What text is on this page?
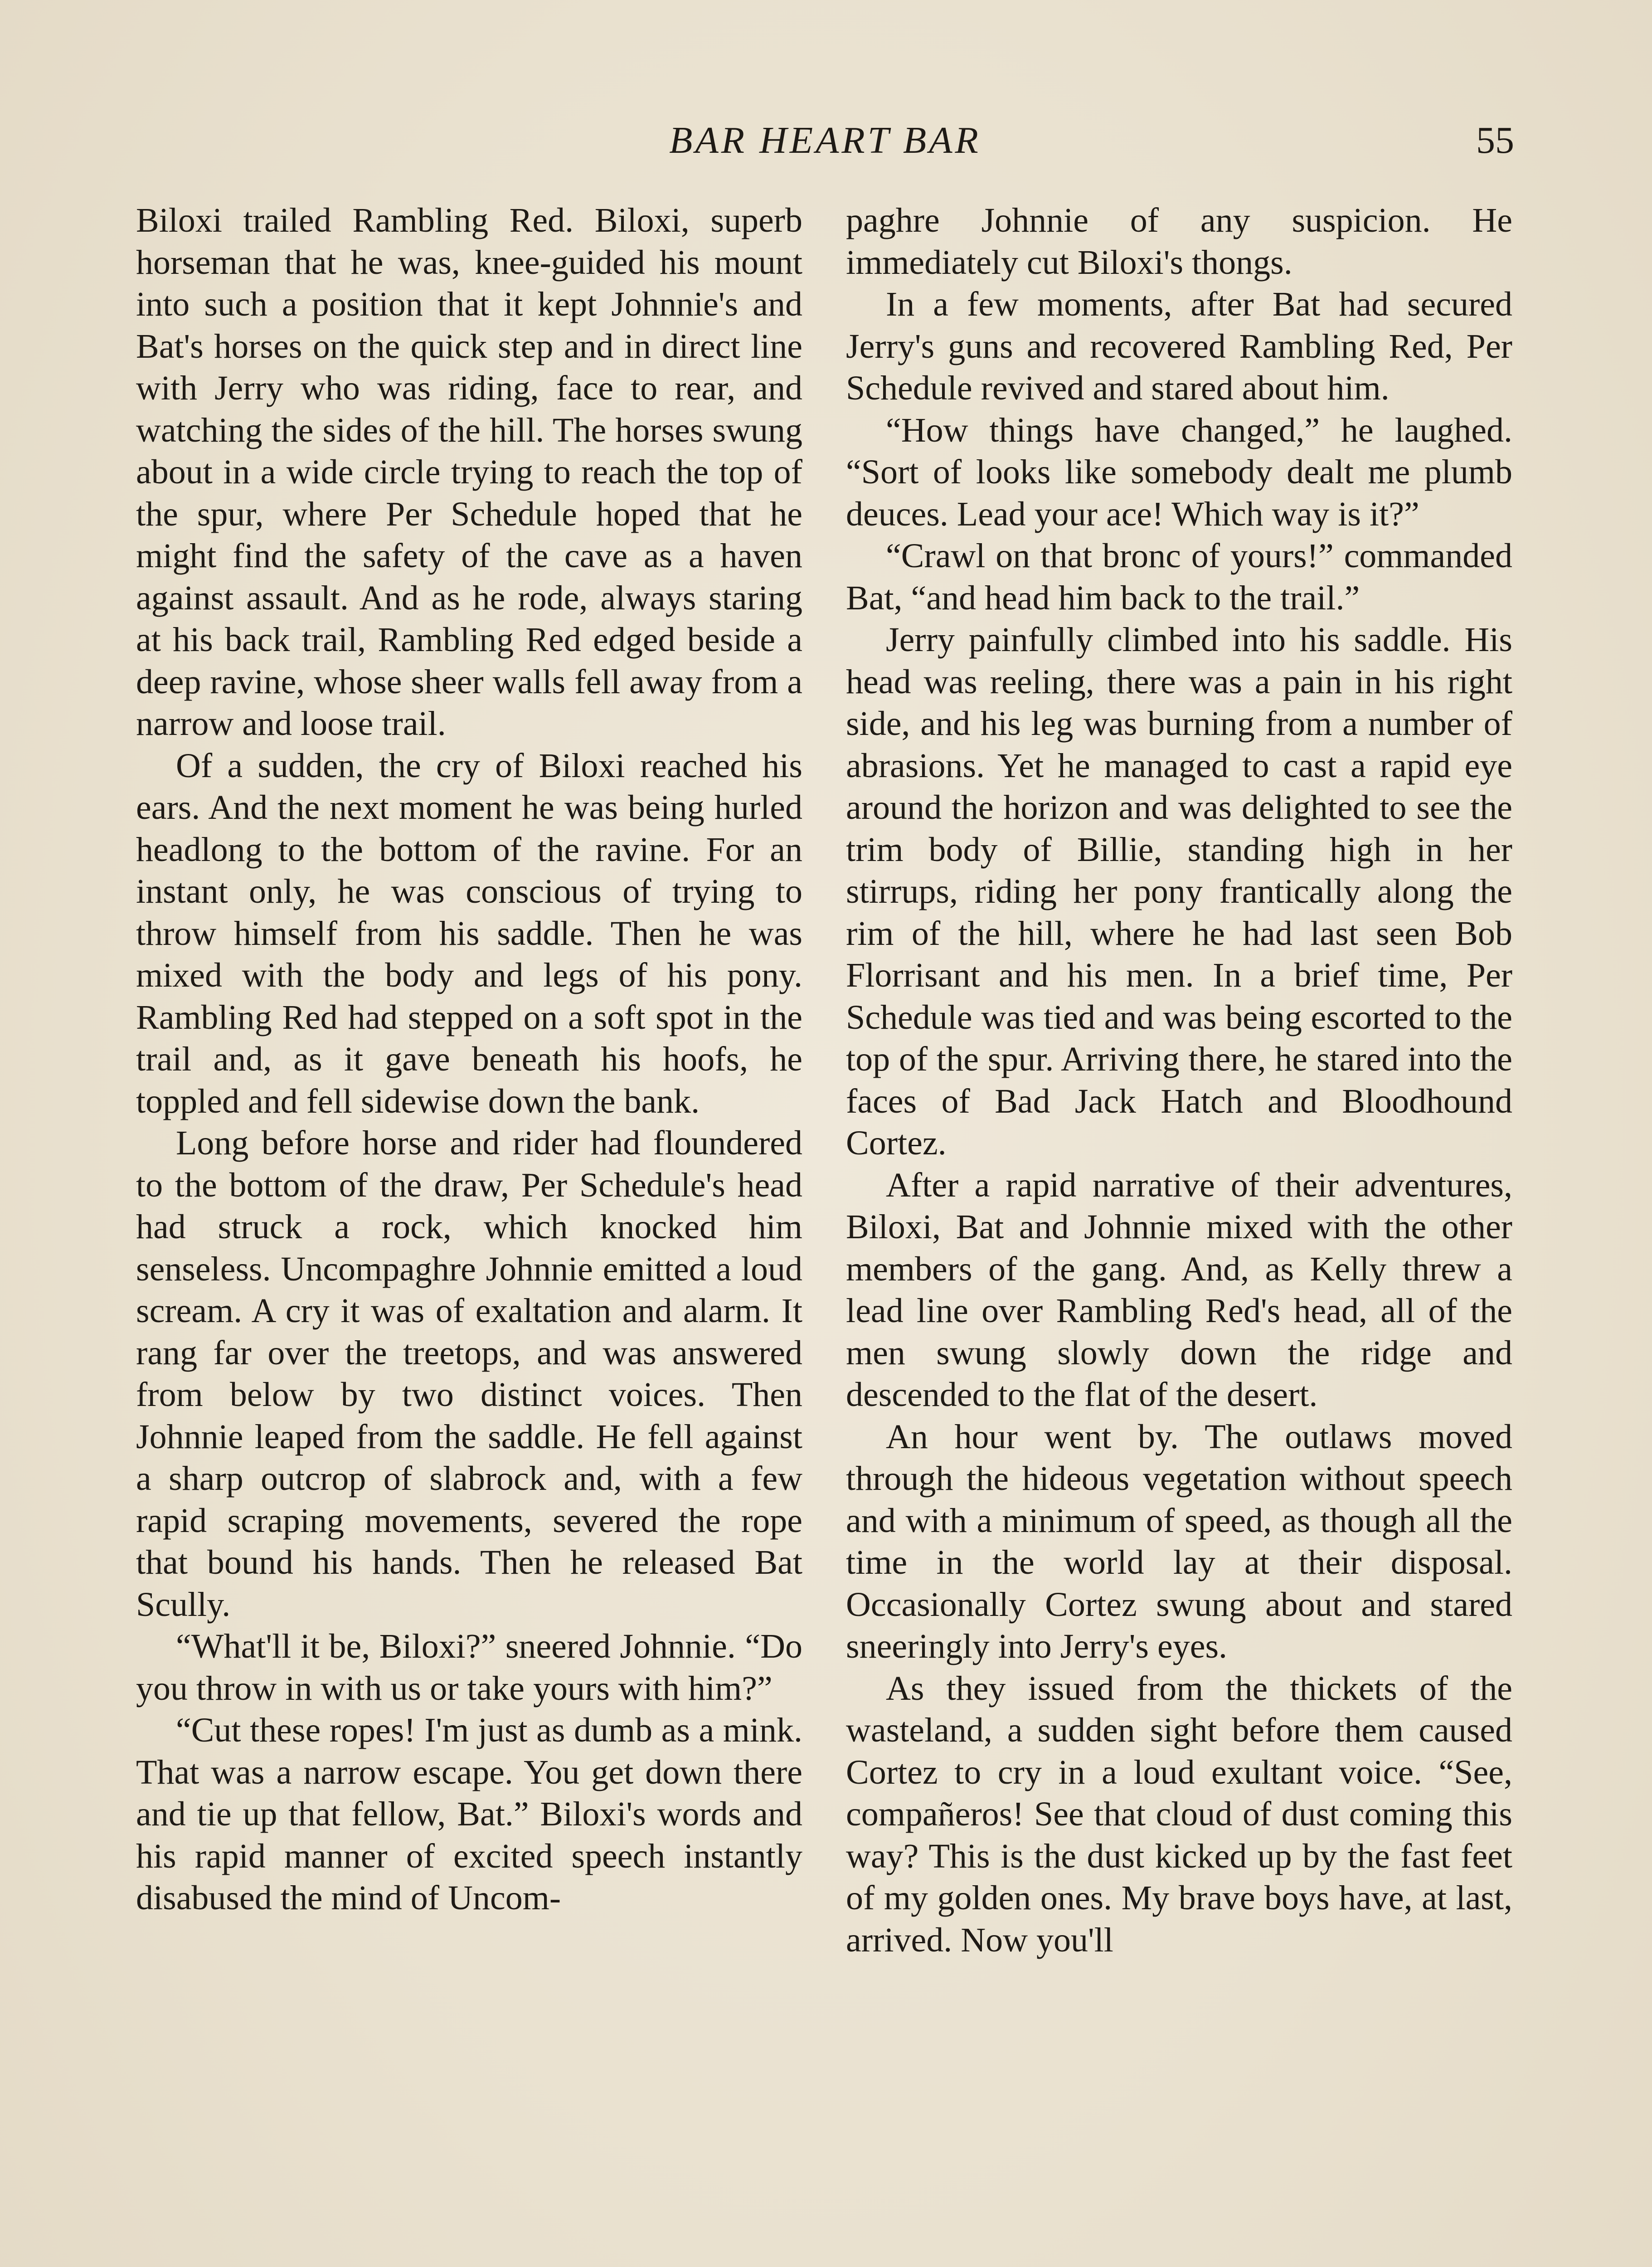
BAR HEART BAR	55

Biloxi trailed Rambling Red. Biloxi, superb horseman that he was, knee-guided his mount into such a position that it kept Johnnie's and Bat's horses on the quick step and in direct line with Jerry who was riding, face to rear, and watching the sides of the hill. The horses swung about in a wide circle trying to reach the top of the spur, where Per Schedule hoped that he might find the safety of the cave as a haven against assault. And as he rode, always staring at his back trail, Rambling Red edged beside a deep ravine, whose sheer walls fell away from a narrow and loose trail.

Of a sudden, the cry of Biloxi reached his ears. And the next moment he was being hurled headlong to the bottom of the ravine. For an instant only, he was conscious of trying to throw himself from his saddle. Then he was mixed with the body and legs of his pony. Rambling Red had stepped on a soft spot in the trail and, as it gave beneath his hoofs, he toppled and fell sidewise down the bank.

Long before horse and rider had floundered to the bottom of the draw, Per Schedule's head had struck a rock, which knocked him senseless. Uncompaghre Johnnie emitted a loud scream. A cry it was of exaltation and alarm. It rang far over the treetops, and was answered from below by two distinct voices. Then Johnnie leaped from the saddle. He fell against a sharp outcrop of slabrock and, with a few rapid scraping movements, severed the rope that bound his hands. Then he released Bat Scully.

“What'll it be, Biloxi?” sneered Johnnie. “Do you throw in with us or take yours with him?”

“Cut these ropes! I'm just as dumb as a mink. That was a narrow escape. You get down there and tie up that fellow, Bat.” Biloxi's words and his rapid manner of excited speech instantly disabused the mind of Uncom-

paghre Johnnie of any suspicion. He immediately cut Biloxi's thongs.

In a few moments, after Bat had secured Jerry's guns and recovered Rambling Red, Per Schedule revived and stared about him.

“How things have changed,” he laughed. “Sort of looks like somebody dealt me plumb deuces. Lead your ace! Which way is it?”

“Crawl on that bronc of yours!” commanded Bat, “and head him back to the trail.”

Jerry painfully climbed into his saddle. His head was reeling, there was a pain in his right side, and his leg was burning from a number of abrasions. Yet he managed to cast a rapid eye around the horizon and was delighted to see the trim body of Billie, standing high in her stirrups, riding her pony frantically along the rim of the hill, where he had last seen Bob Florrisant and his men. In a brief time, Per Schedule was tied and was being escorted to the top of the spur. Arriving there, he stared into the faces of Bad Jack Hatch and Bloodhound Cortez.

After a rapid narrative of their adventures, Biloxi, Bat and Johnnie mixed with the other members of the gang. And, as Kelly threw a lead line over Rambling Red's head, all of the men swung slowly down the ridge and descended to the flat of the desert.

An hour went by. The outlaws moved through the hideous vegetation without speech and with a minimum of speed, as though all the time in the world lay at their disposal. Occasionally Cortez swung about and stared sneeringly into Jerry's eyes.

As they issued from the thickets of the wasteland, a sudden sight before them caused Cortez to cry in a loud exultant voice. “See, compañeros! See that cloud of dust coming this way? This is the dust kicked up by the fast feet of my golden ones. My brave boys have, at last, arrived. Now you'll
